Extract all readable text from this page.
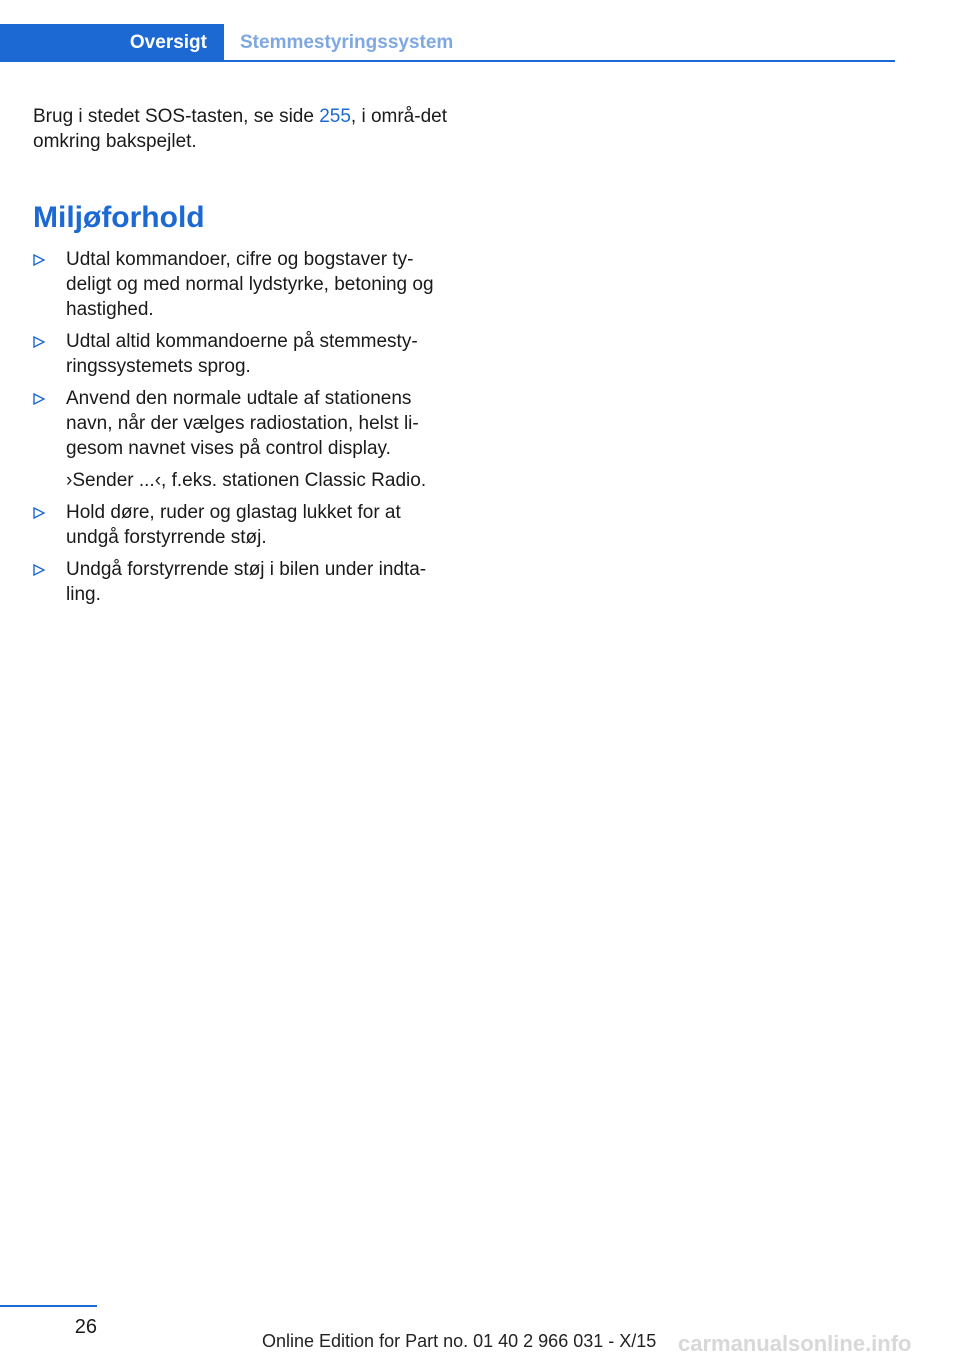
Oversigt	Stemmestyringssystem

Brug i stedet SOS-tasten, se side 255, i områ-det omkring bakspejlet.

Miljøforhold
Udtal kommandoer, cifre og bogstaver ty-deligt og med normal lydstyrke, betoning og hastighed.
Udtal altid kommandoerne på stemmesty-ringssystemets sprog.
Anvend den normale udtale af stationens navn, når der vælges radiostation, helst li-gesom navnet vises på control display.
›Sender ...‹, f.eks. stationen Classic Radio.
Hold døre, ruder og glastag lukket for at undgå forstyrrende støj.
Undgå forstyrrende støj i bilen under indta-ling.
26
Online Edition for Part no. 01 40 2 966 031 - X/15 carmanualsonline.info
